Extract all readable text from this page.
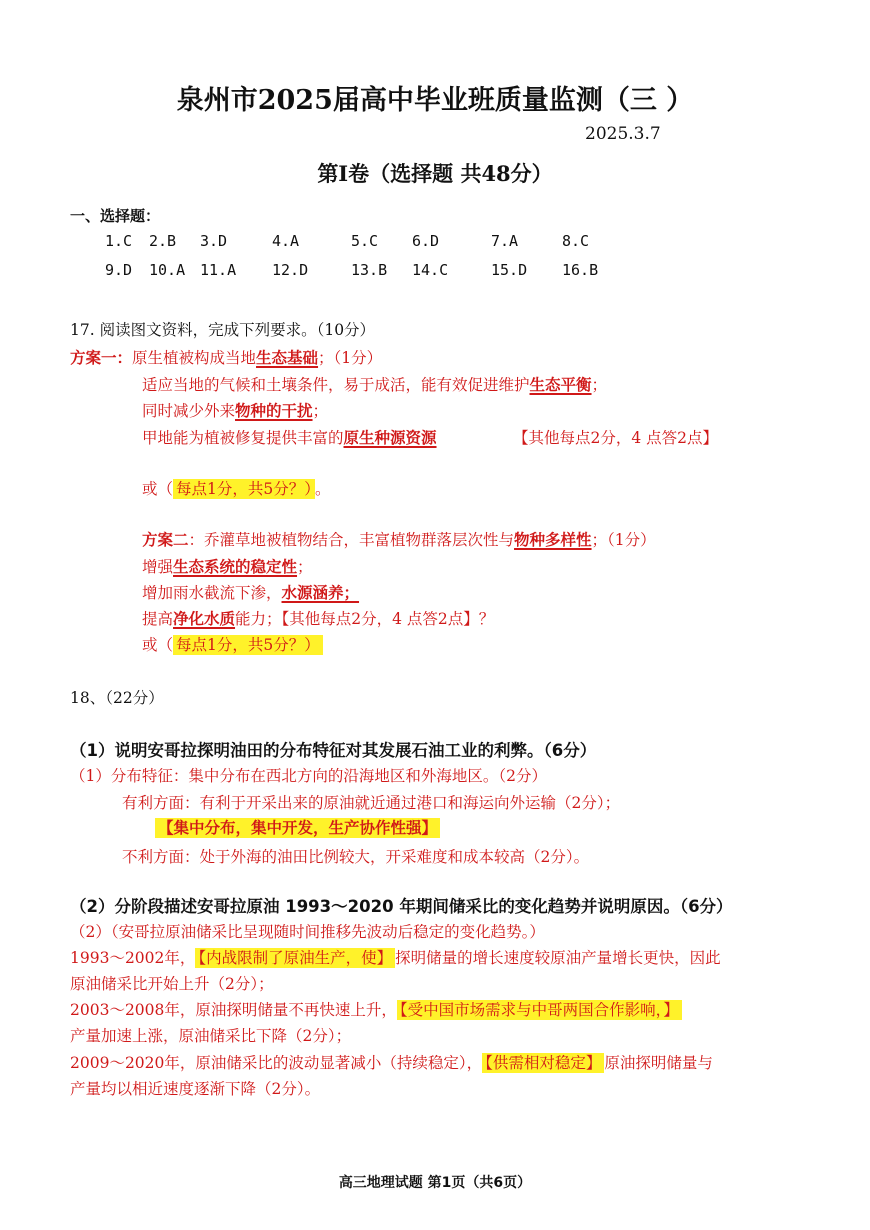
泉州市2025届高中毕业班质量监测（三 ）
2025.3.7
第Ⅰ卷（选择题 共48分）
一、选择题：
1.C 2.B 3.D	4.A	5.C 6.D	7.A	8.C
9.D 10.A 11.A 12.D	13.B 14.C	15.D 16.B
17. 阅读图文资料，完成下列要求。（10分）
方案一：原生植被构成当地生态基础；（1分）
适应当地的气候和土壤条件，易于成活，能有效促进维护生态平衡；
同时减少外来物种的干扰；
甲地能为植被修复提供丰富的原生种源资源	【其他每点2分，4 点答2点】
或（ 每点1分，共5分？） 。
方案二：乔灌草地被植物结合，丰富植物群落层次性与物种多样性；（1分）
增强生态系统的稳定性；
增加雨水截流下渗，水源涵养；
提高净化水质能力；【其他每点2分，4 点答2点】？
或（ 每点1分，共5分？）
18、（22分）
（1）说明安哥拉探明油田的分布特征对其发展石油工业的利弊。（6分）
（1）分布特征：集中分布在西北方向的沿海地区和外海地区。（2分）
有利方面：有利于开采出来的原油就近通过港口和海运向外运输（2分）；
【集中分布，集中开发，生产协作性强】
不利方面：处于外海的油田比例较大，开采难度和成本较高（2分）。
（2）分阶段描述安哥拉原油 1993～2020 年期间储采比的变化趋势并说明原因。（6分）
（2）（安哥拉原油储采比呈现随时间推移先波动后稳定的变化趋势。）
1993～2002年， 【内战限制了原油生产，使】 探明储量的增长速度较原油产量增长更快，因此
原油储采比开始上升（2分）；
2003～2008年，原油探明储量不再快速上升， 【受中国市场需求与中哥两国合作影响，】
产量加速上涨，原油储采比下降（2分）；
2009～2020年，原油储采比的波动显著减小（持续稳定）， 【供需相对稳定】 原油探明储量与
产量均以相近速度逐渐下降（2分）。
高三地理试题 第1页（共6页）
